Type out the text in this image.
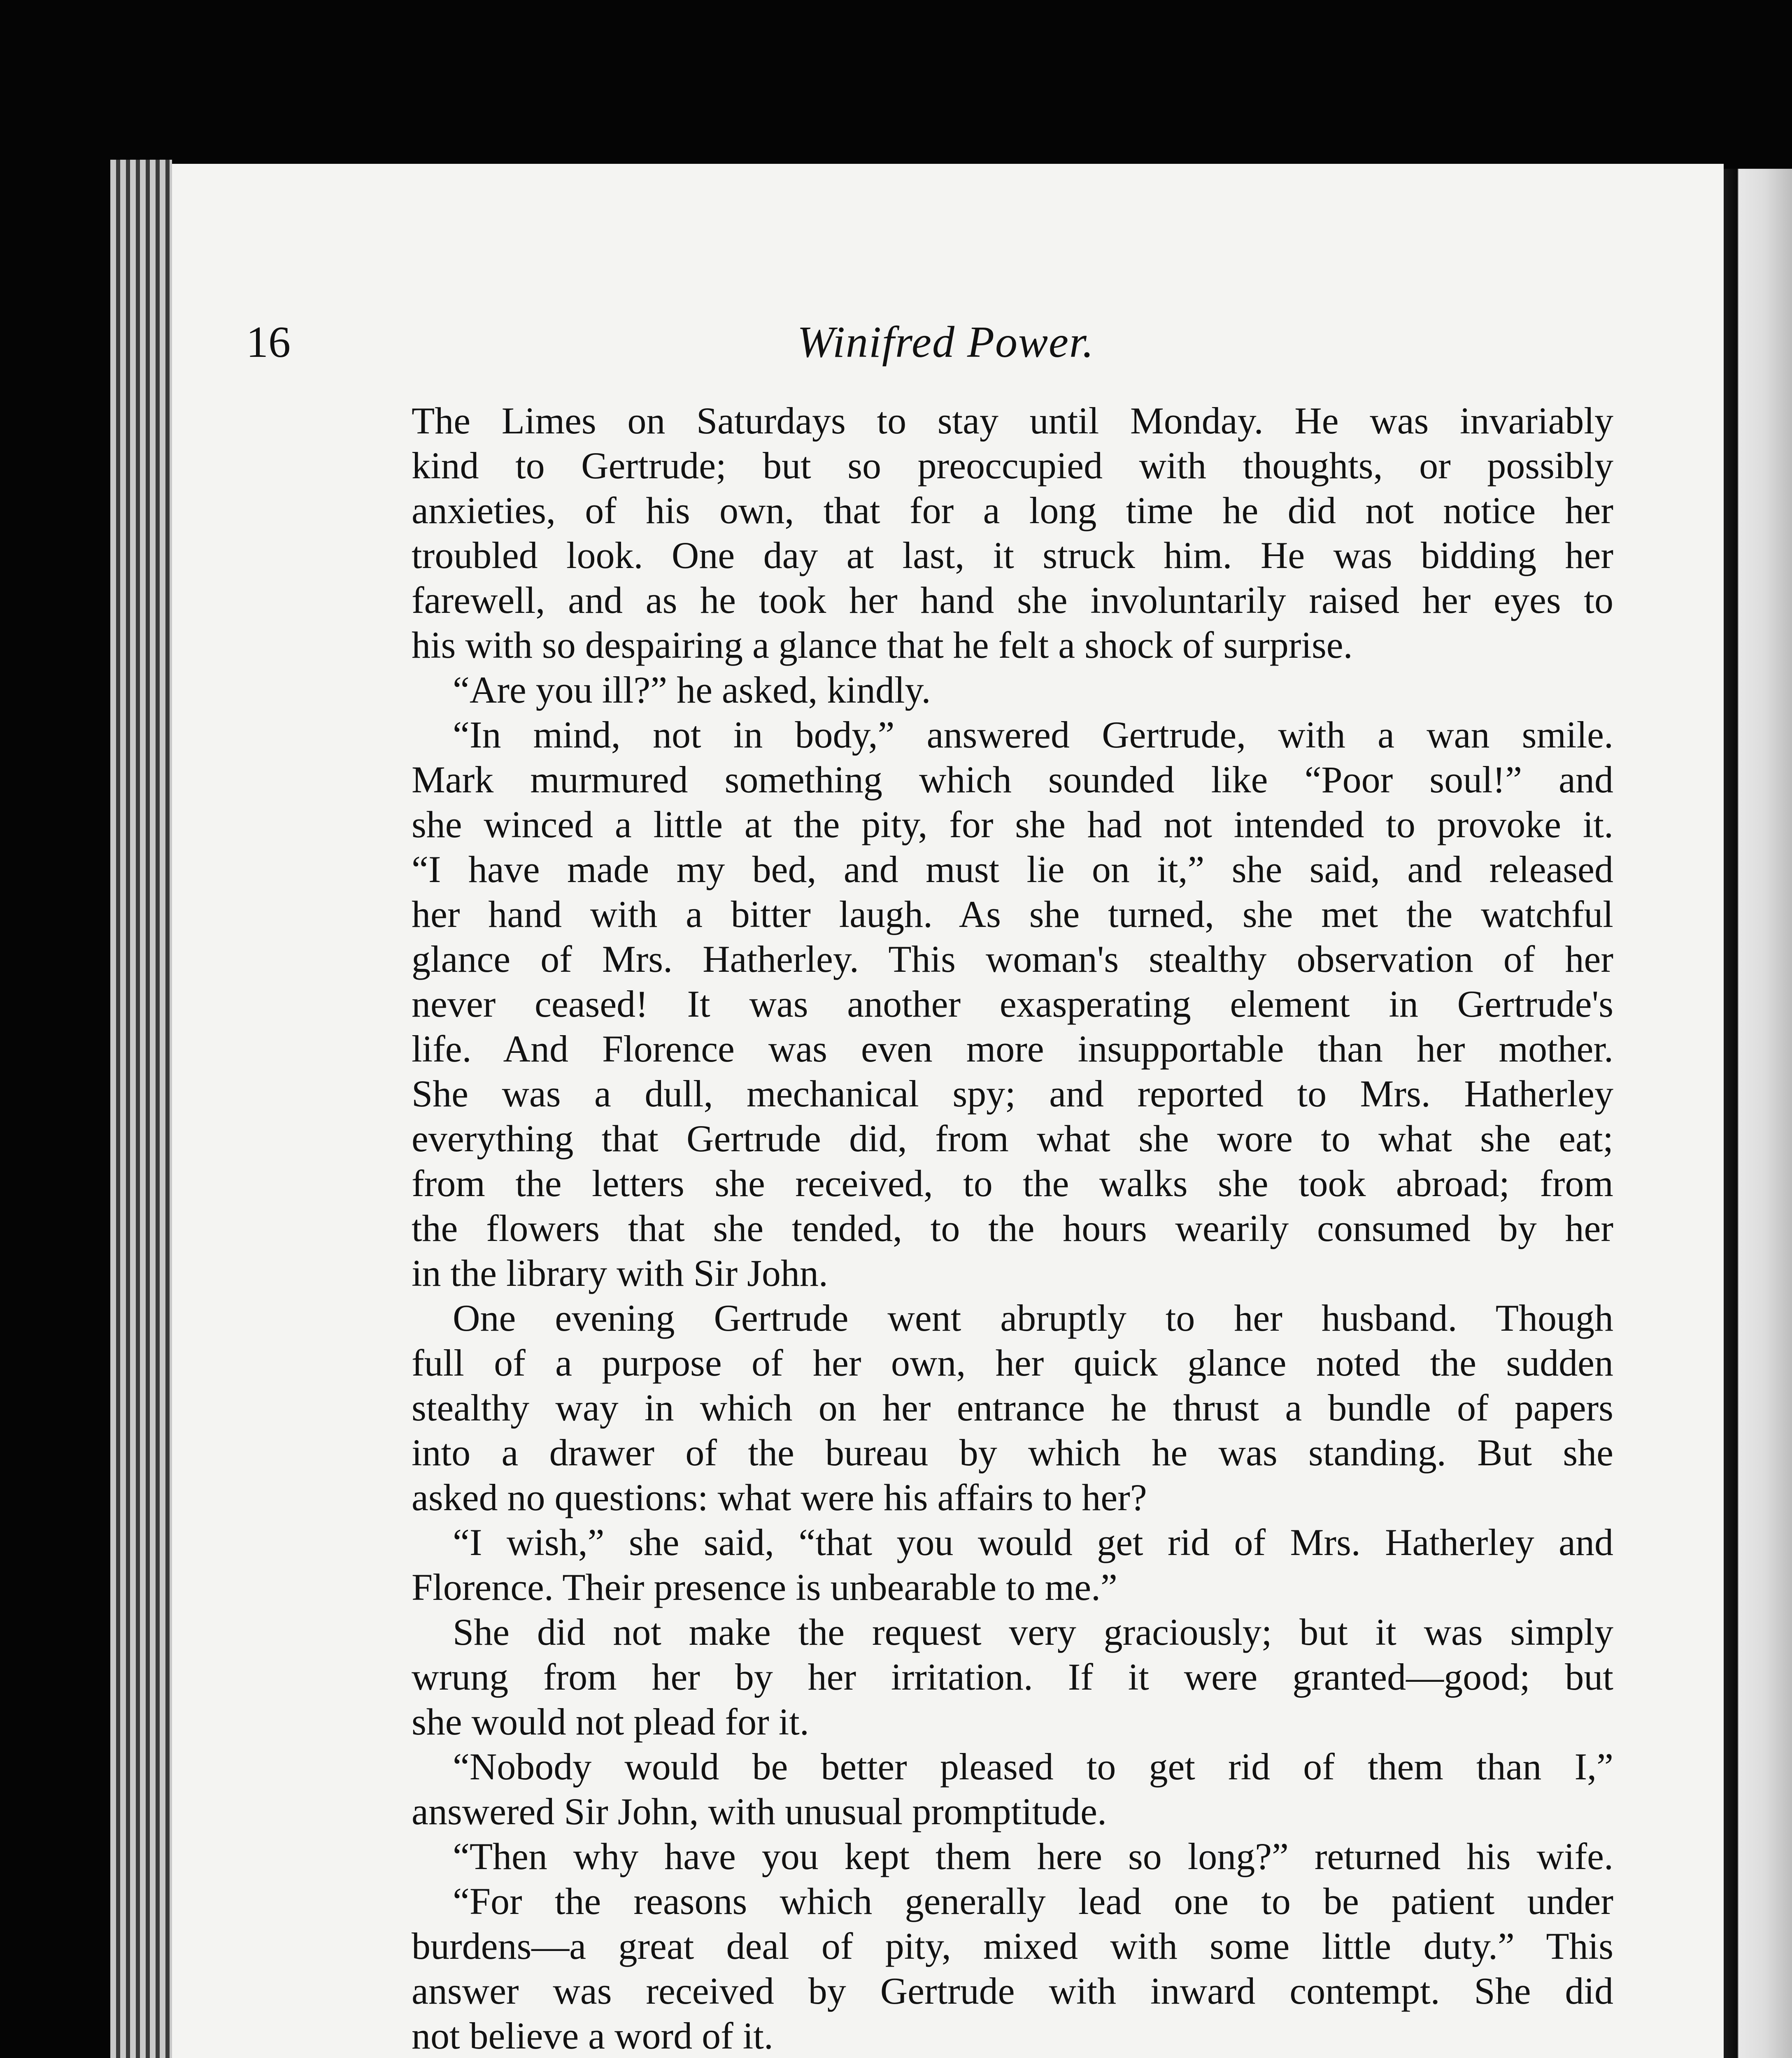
16	Winifred Power.

The Limes on Saturdays to stay until Monday. He was invariably

kind to Gertrude; but so preoccupied with thoughts, or possibly

anxieties, of his own, that for a long time he did not notice her

troubled look. One day at last, it struck him. He was bidding her

farewell, and as he took her hand she involuntarily raised her eyes to

his with so despairing a glance that he felt a shock of surprise.

“Are you ill?” he asked, kindly.

“In mind, not in body,” answered Gertrude, with a wan smile.

Mark murmured something which sounded like “Poor soul!” and

she winced a little at the pity, for she had not intended to provoke it.

“I have made my bed, and must lie on it,” she said, and released

her hand with a bitter laugh. As she turned, she met the watchful

glance of Mrs. Hatherley. This woman's stealthy observation of her

never ceased! It was another exasperating element in Gertrude's

life. And Florence was even more insupportable than her mother.

She was a dull, mechanical spy; and reported to Mrs. Hatherley

everything that Gertrude did, from what she wore to what she eat;

from the letters she received, to the walks she took abroad; from

the flowers that she tended, to the hours wearily consumed by her

in the library with Sir John.

One evening Gertrude went abruptly to her husband. Though

full of a purpose of her own, her quick glance noted the sudden

stealthy way in which on her entrance he thrust a bundle of papers

into a drawer of the bureau by which he was standing. But she

asked no questions: what were his affairs to her?

“I wish,” she said, “that you would get rid of Mrs. Hatherley and

Florence. Their presence is unbearable to me.”

She did not make the request very graciously; but it was simply

wrung from her by her irritation. If it were granted—good; but

she would not plead for it.

“Nobody would be better pleased to get rid of them than I,”

answered Sir John, with unusual promptitude.

“Then why have you kept them here so long?” returned his wife.

“For the reasons which generally lead one to be patient under

burdens—a great deal of pity, mixed with some little duty.” This

answer was received by Gertrude with inward contempt. She did

not believe a word of it.
